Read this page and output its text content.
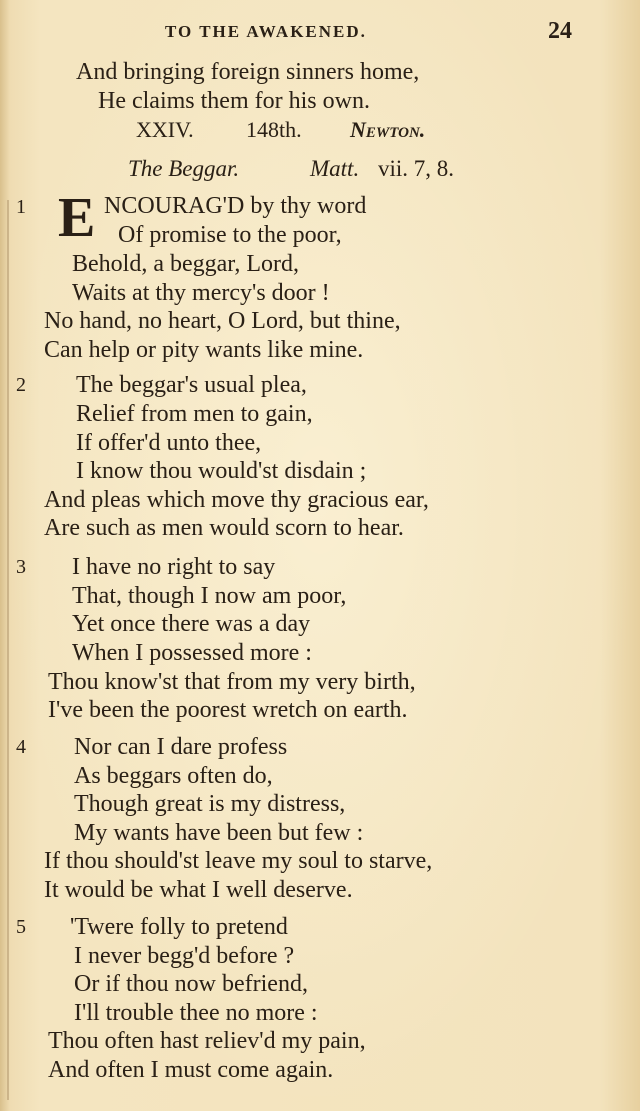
TO THE AWAKENED.	24
And bringing foreign sinners home,
He claims them for his own.
XXIV. 148th. Newton.
The Beggar.	Matt. vii. 7, 8.
1 E NCOURAG'D by thy word
Of promise to the poor,
Behold, a beggar, Lord,
Waits at thy mercy's door !
No hand, no heart, O Lord, but thine,
Can help or pity wants like mine.
2 The beggar's usual plea,
Relief from men to gain,
If offer'd unto thee,
I know thou would'st disdain ;
And pleas which move thy gracious ear,
Are such as men would scorn to hear.
3 I have no right to say
That, though I now am poor,
Yet once there was a day
When I possessed more :
Thou know'st that from my very birth,
I've been the poorest wretch on earth.
4 Nor can I dare profess
As beggars often do,
Though great is my distress,
My wants have been but few :
If thou should'st leave my soul to starve,
It would be what I well deserve.
5 'Twere folly to pretend
I never begg'd before ?
Or if thou now befriend,
I'll trouble thee no more :
Thou often hast reliev'd my pain,
And often I must come again.
